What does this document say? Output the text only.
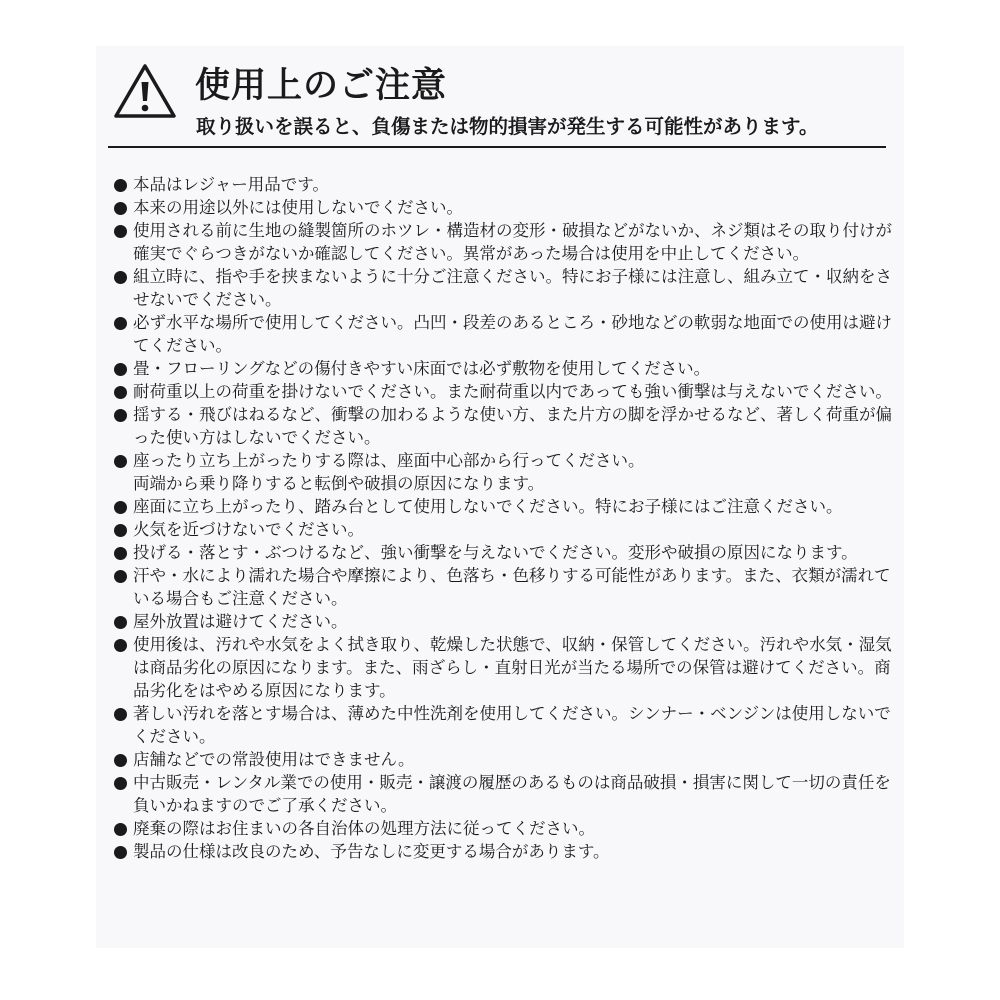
使用上のご注意
取り扱いを誤ると、負傷または物的損害が発生する可能性があります。

本品はレジャー用品です。

本来の用途以外には使用しないでください。

使用される前に生地の縫製箇所のホツレ・構造材の変形・破損などがないか、ネジ類はその取り付けが確実でぐらつきがないか確認してください。異常があった場合は使用を中止してください。

組立時に、指や手を挟まないように十分ご注意ください。特にお子様には注意し、組み立て・収納をさせないでください。

必ず水平な場所で使用してください。凸凹・段差のあるところ・砂地などの軟弱な地面での使用は避けてください。

畳・フローリングなどの傷付きやすい床面では必ず敷物を使用してください。

耐荷重以上の荷重を掛けないでください。また耐荷重以内であっても強い衝撃は与えないでください。

揺する・飛びはねるなど、衝撃の加わるような使い方、また片方の脚を浮かせるなど、著しく荷重が偏った使い方はしないでください。

座ったり立ち上がったりする際は、座面中心部から行ってください。
両端から乗り降りすると転倒や破損の原因になります。

座面に立ち上がったり、踏み台として使用しないでください。特にお子様にはご注意ください。

火気を近づけないでください。

投げる・落とす・ぶつけるなど、強い衝撃を与えないでください。変形や破損の原因になります。

汗や・水により濡れた場合や摩擦により、色落ち・色移りする可能性があります。また、衣類が濡れている場合もご注意ください。

屋外放置は避けてください。

使用後は、汚れや水気をよく拭き取り、乾燥した状態で、収納・保管してください。汚れや水気・湿気は商品劣化の原因になります。また、雨ざらし・直射日光が当たる場所での保管は避けてください。商品劣化をはやめる原因になります。

著しい汚れを落とす場合は、薄めた中性洗剤を使用してください。シンナー・ベンジンは使用しないでください。

店舗などでの常設使用はできません。

中古販売・レンタル業での使用・販売・譲渡の履歴のあるものは商品破損・損害に関して一切の責任を負いかねますのでご了承ください。

廃棄の際はお住まいの各自治体の処理方法に従ってください。

製品の仕様は改良のため、予告なしに変更する場合があります。
